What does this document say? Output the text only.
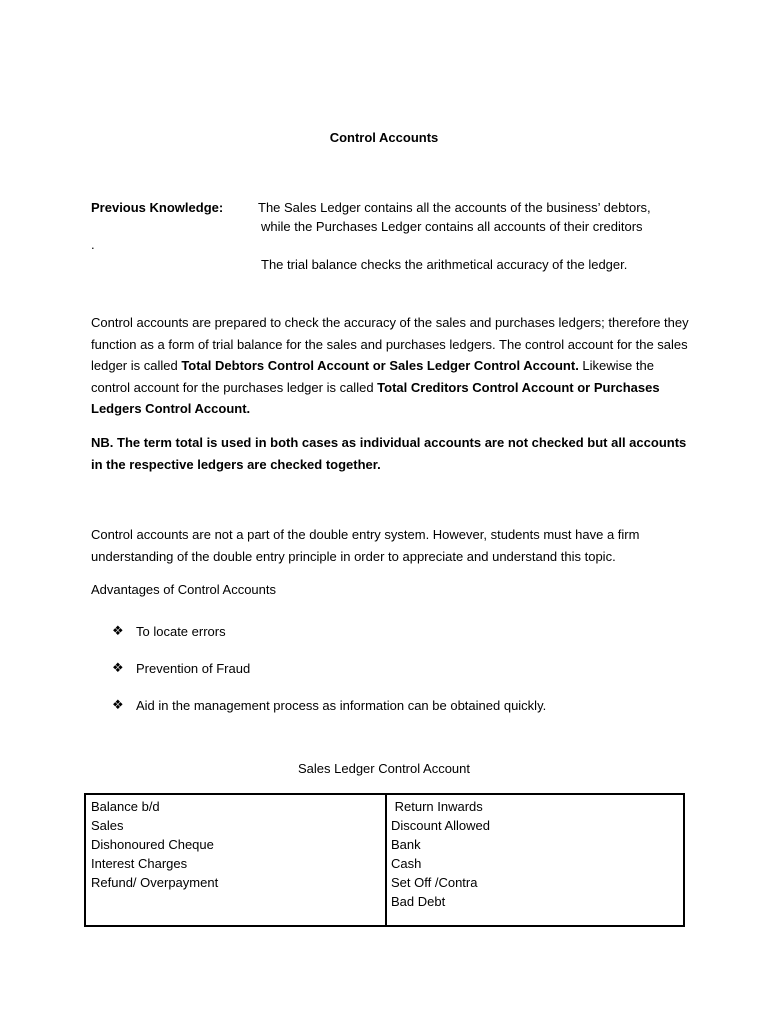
Control Accounts
Previous Knowledge:	The Sales Ledger contains all the accounts of the business’ debtors,
while the Purchases Ledger contains all accounts of their creditors
.
The trial balance checks the arithmetical accuracy of the ledger.
Control accounts are prepared to check the accuracy of the sales and purchases ledgers; therefore they function as a form of trial balance for the sales and purchases ledgers. The control account for the sales ledger is called Total Debtors Control Account or Sales Ledger Control Account. Likewise the control account for the purchases ledger is called Total Creditors Control Account or Purchases Ledgers Control Account.
NB. The term total is used in both cases as individual accounts are not checked but all accounts in the respective ledgers are checked together.
Control accounts are not a part of the double entry system. However, students must have a firm understanding of the double entry principle in order to appreciate and understand this topic.
Advantages of Control Accounts
❖ To locate errors
❖ Prevention of Fraud
❖ Aid in the management process as information can be obtained quickly.
Sales Ledger Control Account
Balance b/d
Sales
Dishonoured Cheque
Interest Charges
Refund/ Overpayment
Return Inwards
Discount Allowed
Bank
Cash
Set Off /Contra
Bad Debt
